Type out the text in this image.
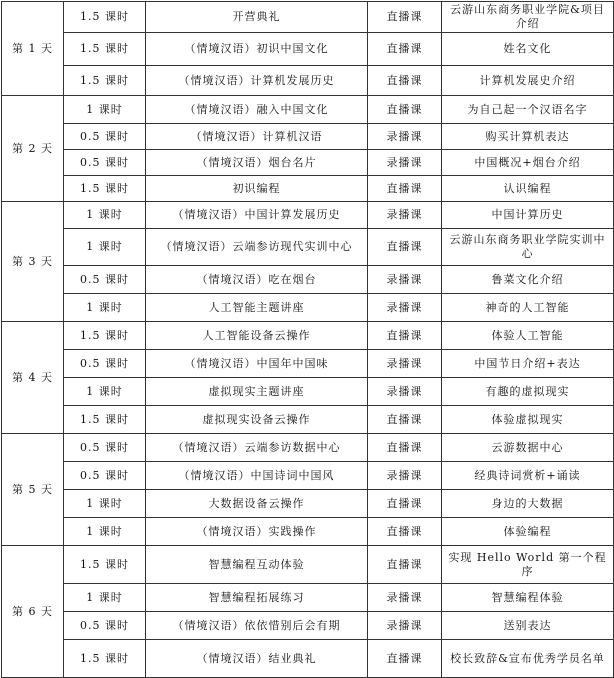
第 1 天	1.5 课时	开营典礼	直播课	云游山东商务职业学院&项目介绍
	1.5 课时	（情境汉语）初识中国文化	直播课	姓名文化
	1.5 课时	（情境汉语）计算机发展历史	直播课	计算机发展史介绍
第 2 天	1 课时	（情境汉语）融入中国文化	直播课	为自己起一个汉语名字
	0.5 课时	（情境汉语）计算机汉语	录播课	购买计算机表达
	0.5 课时	（情境汉语）烟台名片	录播课	中国概况+烟台介绍
	1.5 课时	初识编程	直播课	认识编程
第 3 天	1 课时	（情境汉语）中国计算发展历史	录播课	中国计算历史
	1 课时	（情境汉语）云端参访现代实训中心	直播课	云游山东商务职业学院实训中心
	0.5 课时	（情境汉语）吃在烟台	录播课	鲁菜文化介绍
	1 课时	人工智能主题讲座	录播课	神奇的人工智能
第 4 天	1.5 课时	人工智能设备云操作	直播课	体验人工智能
	0.5 课时	（情境汉语）中国年中国味	录播课	中国节日介绍+表达
	1 课时	虚拟现实主题讲座	录播课	有趣的虚拟现实
	1.5 课时	虚拟现实设备云操作	直播课	体验虚拟现实
第 5 天	0.5 课时	（情境汉语）云端参访数据中心	直播课	云游数据中心
	0.5 课时	（情境汉语）中国诗词中国风	录播课	经典诗词赏析+诵读
	1 课时	大数据设备云操作	直播课	身边的大数据
	1 课时	（情境汉语）实践操作	直播课	体验编程
第 6 天	1.5 课时	智慧编程互动体验	直播课	实现 Hello World 第一个程序
	1 课时	智慧编程拓展练习	录播课	智慧编程体验
	0.5 课时	（情境汉语）依依惜别后会有期	录播课	送别表达
	1.5 课时	（情境汉语）结业典礼	直播课	校长致辞&宣布优秀学员名单
